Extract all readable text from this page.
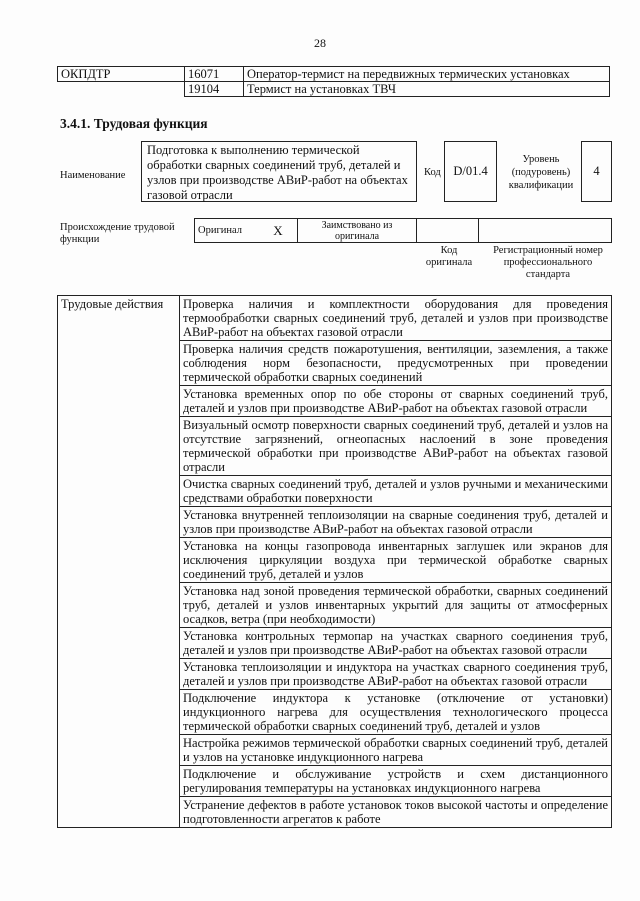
28
ОКПДТР	16071	Оператор-термист на передвижных термических установках
	19104	Термист на установках ТВЧ
3.4.1. Трудовая функция
Наименование
Подготовка к выполнению термической обработки сварных соединений труб, деталей и узлов при производстве АВиР-работ на объектах газовой отрасли
Код	D/01.4
Уровень (подуровень) квалификации
4
Происхождение трудовой функции
Оригинал	X	Заимствовано из оригинала		
Код оригинала
Регистрационный номер профессионального стандарта
Трудовые действия	Проверка наличия и комплектности оборудования для проведения термообработки сварных соединений труб, деталей и узлов при производстве АВиР-работ на объектах газовой отрасли
Проверка наличия средств пожаротушения, вентиляции, заземления, а также соблюдения норм безопасности, предусмотренных при проведении термической обработки сварных соединений
Установка временных опор по обе стороны от сварных соединений труб, деталей и узлов при производстве АВиР-работ на объектах газовой отрасли
Визуальный осмотр поверхности сварных соединений труб, деталей и узлов на отсутствие загрязнений, огнеопасных наслоений в зоне проведения термической обработки при производстве АВиР-работ на объектах газовой отрасли
Очистка сварных соединений труб, деталей и узлов ручными и механическими средствами обработки поверхности
Установка внутренней теплоизоляции на сварные соединения труб, деталей и узлов при производстве АВиР-работ на объектах газовой отрасли
Установка на концы газопровода инвентарных заглушек или экранов для исключения циркуляции воздуха при термической обработке сварных соединений труб, деталей и узлов
Установка над зоной проведения термической обработки, сварных соединений труб, деталей и узлов инвентарных укрытий для защиты от атмосферных осадков, ветра (при необходимости)
Установка контрольных термопар на участках сварного соединения труб, деталей и узлов при производстве АВиР-работ на объектах газовой отрасли
Установка теплоизоляции и индуктора на участках сварного соединения труб, деталей и узлов при производстве АВиР-работ на объектах газовой отрасли
Подключение индуктора к установке (отключение от установки) индукционного нагрева для осуществления технологического процесса термической обработки сварных соединений труб, деталей и узлов
Настройка режимов термической обработки сварных соединений труб, деталей и узлов на установке индукционного нагрева
Подключение и обслуживание устройств и схем дистанционного регулирования температуры на установках индукционного нагрева
Устранение дефектов в работе установок токов высокой частоты и определение подготовленности агрегатов к работе
